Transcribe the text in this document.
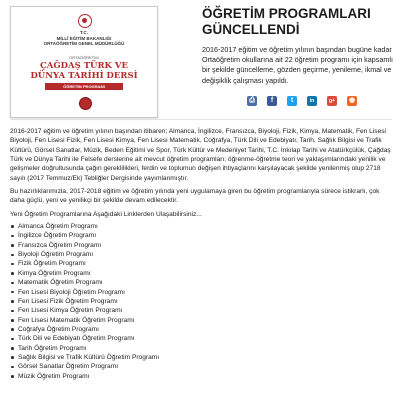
T.C.
MİLLÎ EĞİTİM BAKANLIĞI
ORTAÖĞRETİM GENEL MÜDÜRLÜĞÜ
ORTAÖĞRETİM
ÇAĞDAŞ TÜRK VE
DÜNYA TARİHİ DERSİ
ÖĞRETİM PROGRAMI
ÖĞRETİM PROGRAMLARI
GÜNCELLENDİ

2016-2017 eğitim ve öğretim yılının başından bugüne kadar Ortaöğretim okullarına ait 22 öğretim programı için kapsamlı bir şekilde güncelleme, gözden geçirme, yenileme, ikmal ve değişiklik çalışması yapıldı.

⎙	f	t	in	g+ ◉

2016-2017 eğitim ve öğretim yılının başından itibaren; Almanca, İngilizce, Fransızca, Biyoloji, Fizik, Kimya, Matematik, Fen Lisesi Biyoloji, Fen Lisesi Fizik, Fen Lisesi Kimya, Fen Lisesi Matematik, Coğrafya, Türk Dili ve Edebiyatı, Tarih, Sağlık Bilgisi ve Trafik Kültürü, Görsel Sanatlar, Müzik, Beden Eğitimi ve Spor, Türk Kültür ve Medeniyet Tarihi, T.C. İnkılap Tarihi ve Atatürkçülük, Çağdaş Türk ve Dünya Tarihi ile Felsefe derslerine ait mevcut öğretim programları; öğrenme-öğretme teori ve yaklaşımlarındaki yenilik ve gelişmeler doğrultusunda çağın gereklilikleri, ferdin ve toplumun değişen ihtiyaçlarını karşılayacak şekilde yenilenmiş olup 2718 sayılı (2017 Temmuz/Ek) Tebliğler Dergisinde yayımlanmıştır.

Bu hazırlıklarımızla, 2017-2018 eğitim ve öğretim yılında yeni uygulamaya giren bu öğretim programlarıyla sürece istikrarlı, çok daha güçlü, yeni ve yenilikçi bir şekilde devam edilecektir.

Yeni Öğretim Programlarına Aşağıdaki Linklerden Ulaşabilirsiniz...

Almanca Öğretim Programı
İngilizce Öğretim Programı
Fransızca Öğretim Programı
Biyoloji Öğretim Programı
Fizik Öğretim Programı
Kimya Öğretim Programı
Matematik Öğretim Programı
Fen Lisesi Biyoloji Öğretim Programı
Fen Lisesi Fizik Öğretim Programı
Fen Lisesi Kimya Öğretim Programı
Fen Lisesi Matematik Öğretim Programı
Coğrafya Öğretim Programı
Türk Dili ve Edebiyatı Öğretim Programı
Tarih Öğretim Programı
Sağlık Bilgisi ve Trafik Kültürü Öğretim Programı
Görsel Sanatlar Öğretim Programı
Müzik Öğretim Programı
